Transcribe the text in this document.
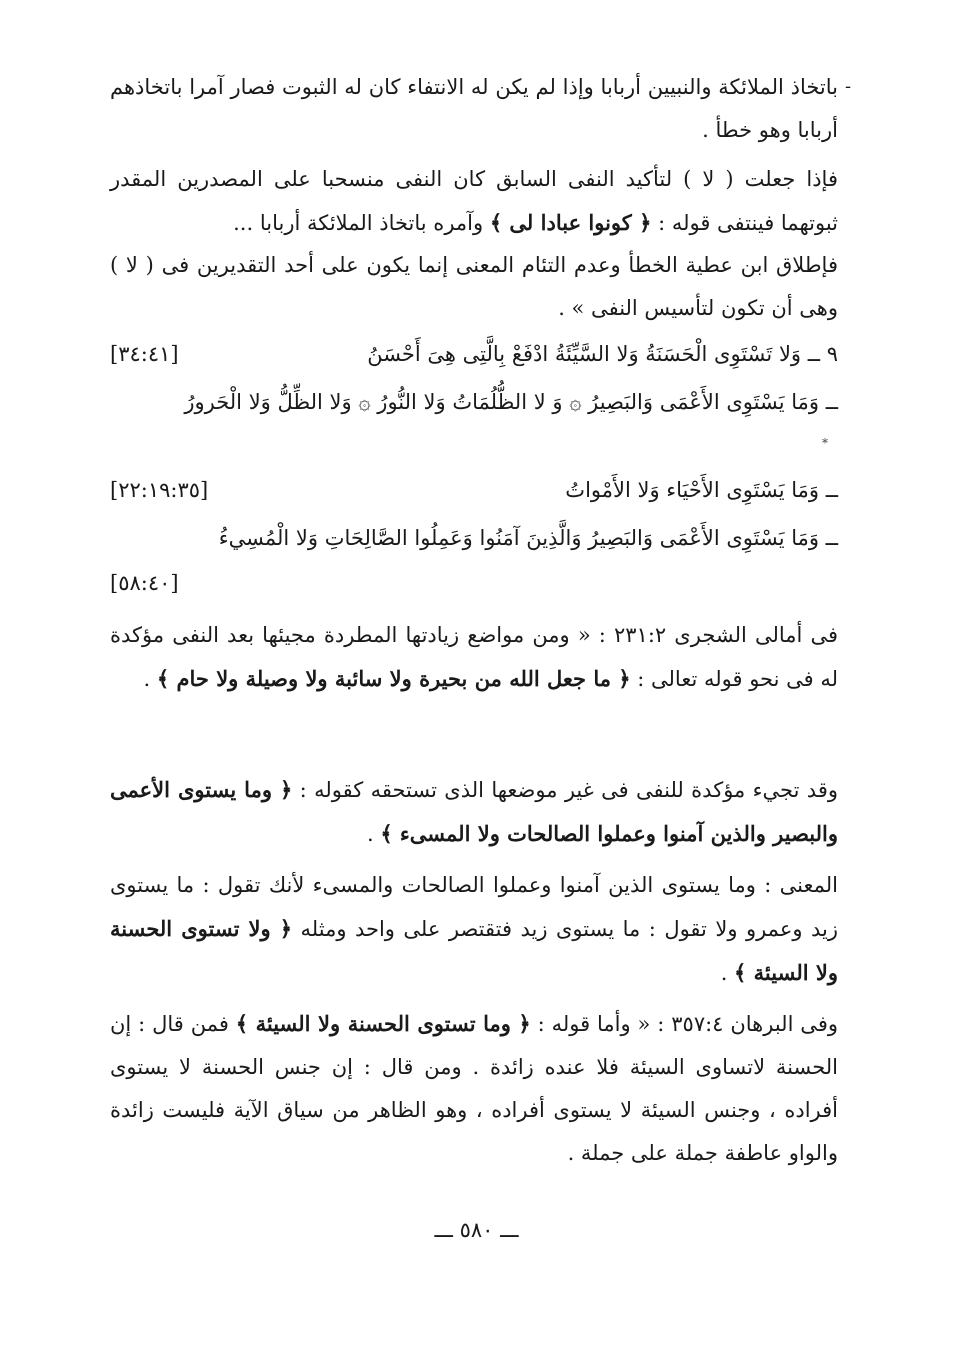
-

باتخاذ الملائكة والنبيين أربابا وإذا لم يكن له الانتفاء كان له الثبوت فصار آمرا باتخاذهم أربابا وهو خطأ .

فإذا جعلت ( لا ) لتأكيد النفى السابق كان النفى منسحبا على المصدرين المقدر ثبوتهما فينتفى قوله : ﴿ كونوا عبادا لى ﴾ وآمره باتخاذ الملائكة أربابا ...

فإطلاق ابن عطية الخطأ وعدم التئام المعنى إنما يكون على أحد التقديرين فى ( لا ) وهى أن تكون لتأسيس النفى » .

٩ ــ وَلا تَسْتَوِى الْحَسَنَةُ وَلا السَّيِّئَةُ ادْفَعْ بِالَّتِى هِىَ أَحْسَنُ
[٣٤:٤١]
ــ وَمَا يَسْتَوِى الأَعْمَى وَالبَصِيرُ ۞ وَ لا الظُّلُمَاتُ وَلا النُّورُ ۞ وَلا الظِّلُّ وَلا الْحَرورُ
*
ــ وَمَا يَسْتَوِى الأَحْيَاء وَلا الأَمْواتُ
[٢٢:١٩:٣٥]
ــ وَمَا يَسْتَوِى الأَعْمَى وَالبَصِيرُ وَالَّذِينَ آمَنُوا وَعَمِلُوا الصَّالِحَاتِ وَلا الْمُسِيءُ
[٥٨:٤٠]

فى أمالى الشجرى ٢٣١:٢ : « ومن مواضع زيادتها المطردة مجيئها بعد النفى مؤكدة له فى نحو قوله تعالى : ﴿ ما جعل الله من بحيرة ولا سائبة ولا وصيلة ولا حام ﴾ .

وقد تجيء مؤكدة للنفى فى غير موضعها الذى تستحقه كقوله : ﴿ وما يستوى الأعمى والبصير والذين آمنوا وعملوا الصالحات ولا المسىء ﴾ .

المعنى : وما يستوى الذين آمنوا وعملوا الصالحات والمسىء لأنك تقول : ما يستوى زيد وعمرو ولا تقول : ما يستوى زيد فتقتصر على واحد ومثله ﴿ ولا تستوى الحسنة ولا السيئة ﴾ .

وفى البرهان ٣٥٧:٤ : « وأما قوله : ﴿ وما تستوى الحسنة ولا السيئة ﴾ فمن قال : إن الحسنة لاتساوى السيئة فلا عنده زائدة . ومن قال : إن جنس الحسنة لا يستوى أفراده ، وجنس السيئة لا يستوى أفراده ، وهو الظاهر من سياق الآية فليست زائدة والواو عاطفة جملة على جملة .

ـــ ٥٨٠ ـــ
